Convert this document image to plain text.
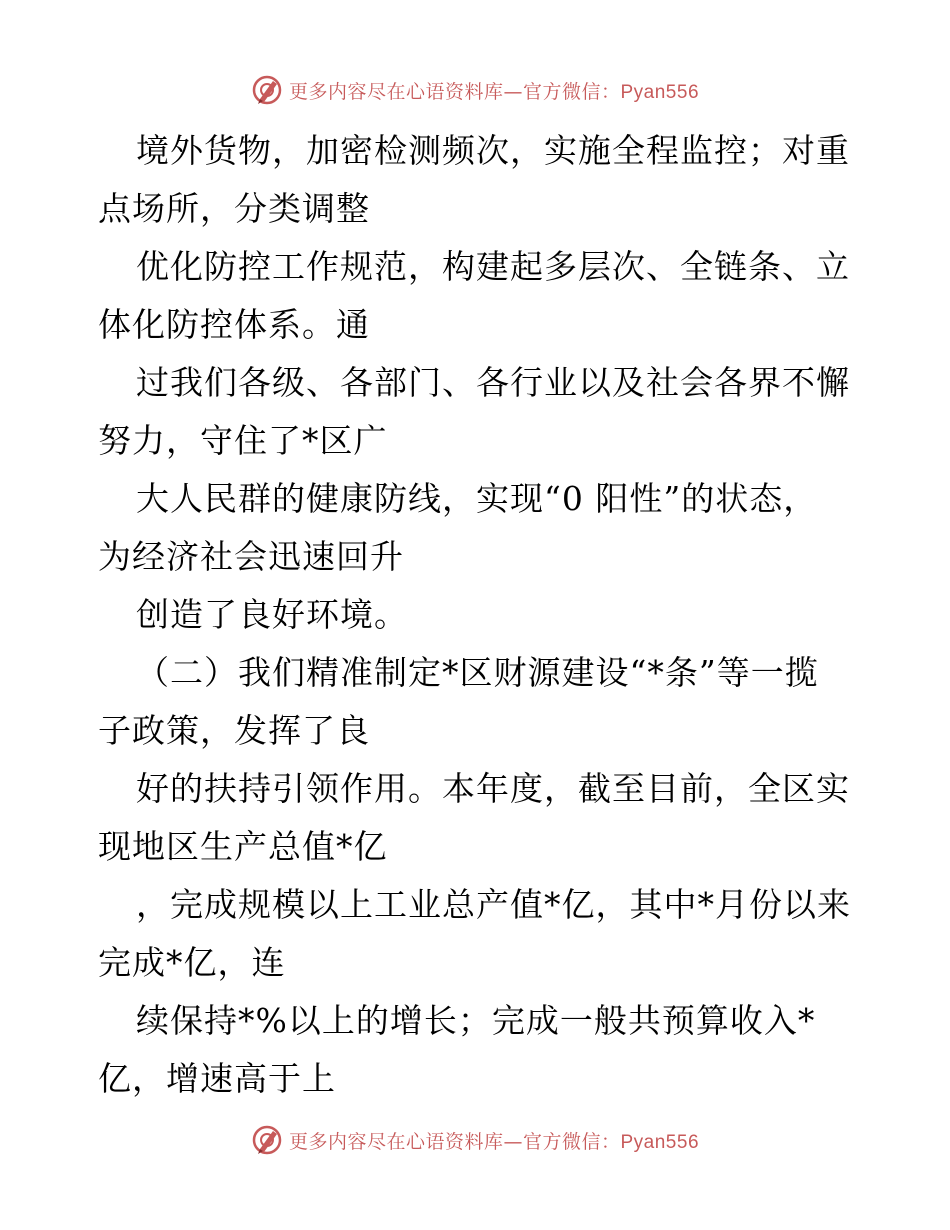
更多内容尽在心语资料库—官方微信：Pyan556
境外货物，加密检测频次，实施全程监控；对重
点场所，分类调整
优化防控工作规范，构建起多层次、全链条、立
体化防控体系。通
过我们各级、各部门、各行业以及社会各界不懈
努力，守住了*区广
大人民群的健康防线，实现“0 阳性”的状态，
为经济社会迅速回升
创造了良好环境。
（二）我们精准制定*区财源建设“*条”等一揽
子政策，发挥了良
好的扶持引领作用。本年度，截至目前，全区实
现地区生产总值*亿
，完成规模以上工业总产值*亿，其中*月份以来
完成*亿，连
续保持*%以上的增长；完成一般共预算收入*
亿，增速高于上
更多内容尽在心语资料库—官方微信：Pyan556
